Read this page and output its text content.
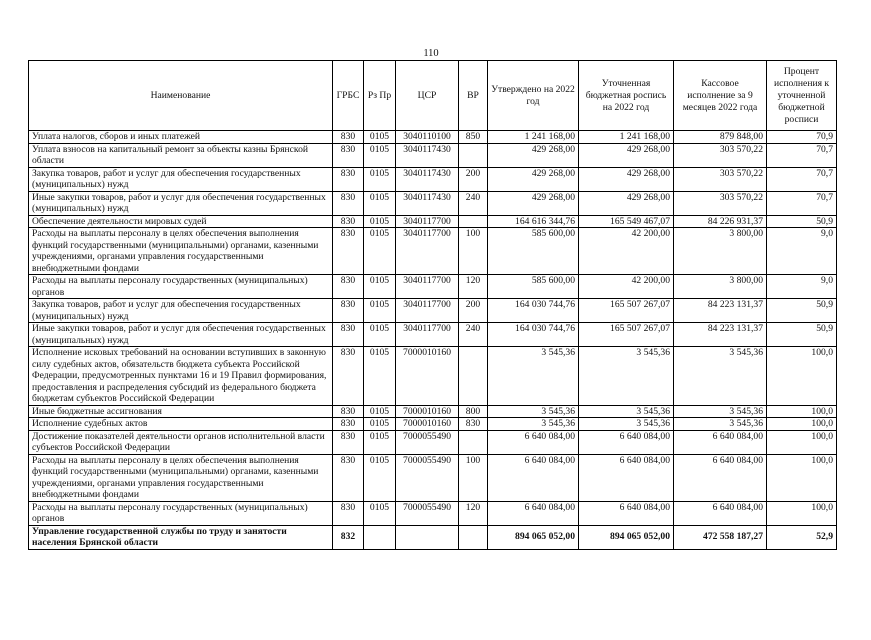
110
Наименование	ГРБС	Рз Пр	ЦСР	ВР	Утверждено на 2022 год	Уточненная бюджетная роспись на 2022 год	Кассовое исполнение за 9 месяцев 2022 года	Процент исполнения к уточненной бюджетной росписи
Уплата налогов, сборов и иных платежей	830	0105	3040110100	850	1 241 168,00	1 241 168,00	879 848,00	70,9
Уплата взносов на капитальный ремонт за объекты казны Брянской области	830	0105	3040117430		429 268,00	429 268,00	303 570,22	70,7
Закупка товаров, работ и услуг для обеспечения государственных (муниципальных) нужд	830	0105	3040117430	200	429 268,00	429 268,00	303 570,22	70,7
Иные закупки товаров, работ и услуг для обеспечения государственных (муниципальных) нужд	830	0105	3040117430	240	429 268,00	429 268,00	303 570,22	70,7
Обеспечение деятельности мировых судей	830	0105	3040117700		164 616 344,76	165 549 467,07	84 226 931,37	50,9
Расходы на выплаты персоналу в целях обеспечения выполнения функций государственными (муниципальными) органами, казенными учреждениями, органами управления государственными внебюджетными фондами	830	0105	3040117700	100	585 600,00	42 200,00	3 800,00	9,0
Расходы на выплаты персоналу государственных (муниципальных) органов	830	0105	3040117700	120	585 600,00	42 200,00	3 800,00	9,0
Закупка товаров, работ и услуг для обеспечения государственных (муниципальных) нужд	830	0105	3040117700	200	164 030 744,76	165 507 267,07	84 223 131,37	50,9
Иные закупки товаров, работ и услуг для обеспечения государственных (муниципальных) нужд	830	0105	3040117700	240	164 030 744,76	165 507 267,07	84 223 131,37	50,9
Исполнение исковых требований на основании вступивших в законную силу судебных актов, обязательств бюджета субъекта Российской Федерации, предусмотренных пунктами 16 и 19 Правил формирования, предоставления и распределения субсидий из федерального бюджета бюджетам субъектов Российской Федерации	830	0105	7000010160		3 545,36	3 545,36	3 545,36	100,0
Иные бюджетные ассигнования	830	0105	7000010160	800	3 545,36	3 545,36	3 545,36	100,0
Исполнение судебных актов	830	0105	7000010160	830	3 545,36	3 545,36	3 545,36	100,0
Достижение показателей деятельности органов исполнительной власти субъектов Российской Федерации	830	0105	7000055490		6 640 084,00	6 640 084,00	6 640 084,00	100,0
Расходы на выплаты персоналу в целях обеспечения выполнения функций государственными (муниципальными) органами, казенными учреждениями, органами управления государственными внебюджетными фондами	830	0105	7000055490	100	6 640 084,00	6 640 084,00	6 640 084,00	100,0
Расходы на выплаты персоналу государственных (муниципальных) органов	830	0105	7000055490	120	6 640 084,00	6 640 084,00	6 640 084,00	100,0
Управление государственной службы по труду и занятости населения Брянской области	832				894 065 052,00	894 065 052,00	472 558 187,27	52,9
